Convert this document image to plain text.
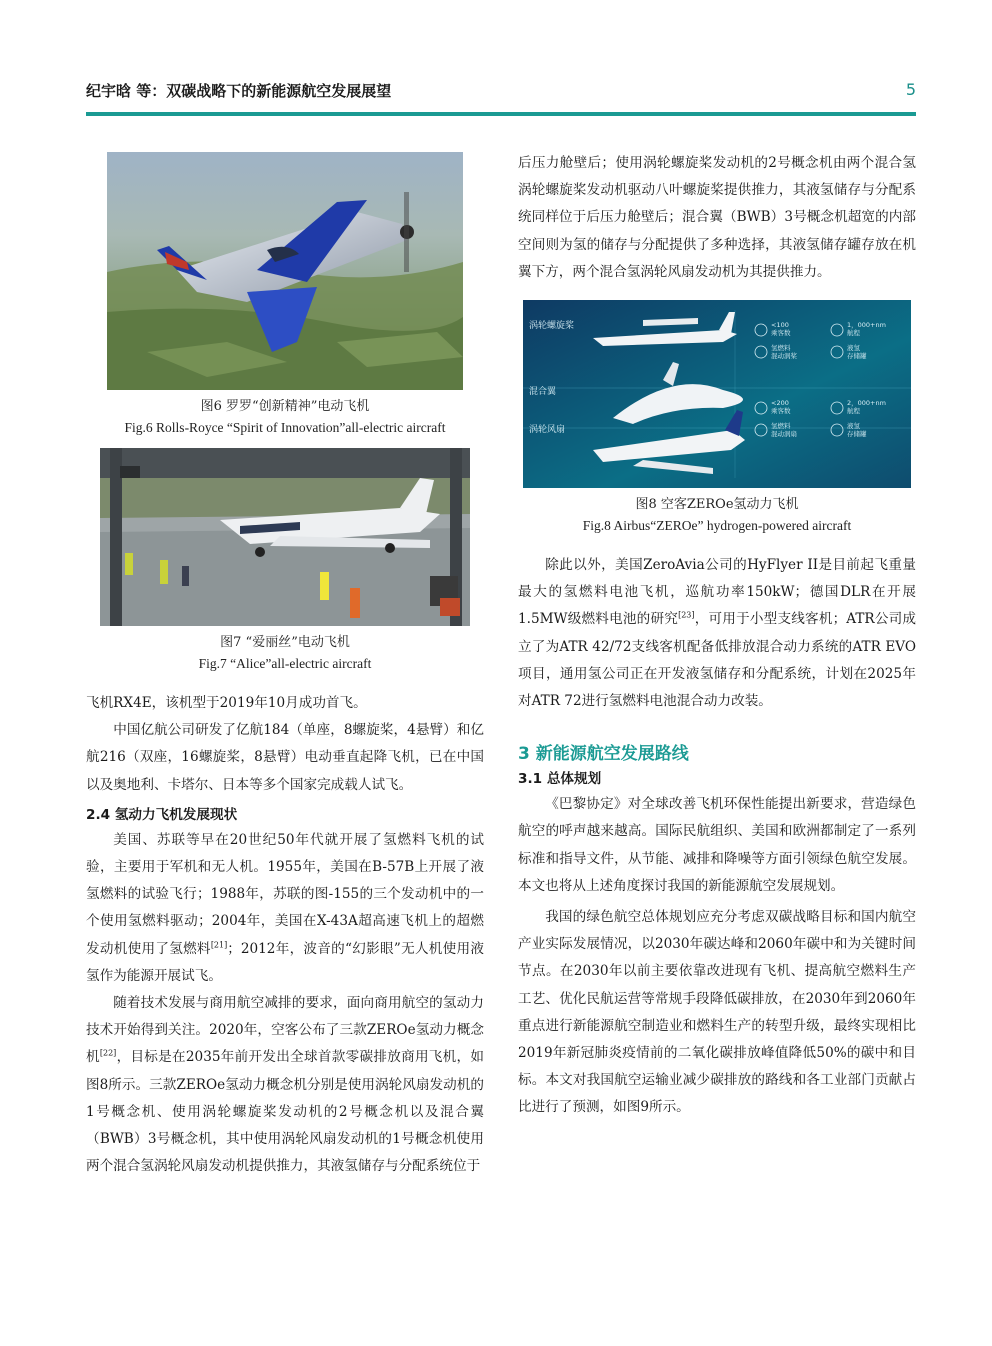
纪宇晗 等：双碳战略下的新能源航空发展展望	5
图6 罗罗“创新精神”电动飞机
Fig.6 Rolls-Royce “Spirit of Innovation”all-electric aircraft
图7 “爱丽丝”电动飞机
Fig.7 “Alice”all-electric aircraft

飞机RX4E，该机型于2019年10月成功首飞。

中国亿航公司研发了亿航184（单座，8螺旋桨，4悬臂）和亿航216（双座，16螺旋桨，8悬臂）电动垂直起降飞机，已在中国以及奥地利、卡塔尔、日本等多个国家完成载人试飞。

2.4 氢动力飞机发展现状

美国、苏联等早在20世纪50年代就开展了氢燃料飞机的试验，主要用于军机和无人机。1955年，美国在B-57B上开展了液氢燃料的试验飞行；1988年，苏联的图-155的三个发动机中的一个使用氢燃料驱动；2004年，美国在X-43A超高速飞机上的超燃发动机使用了氢燃料[21]；2012年，波音的“幻影眼”无人机使用液氢作为能源开展试飞。

随着技术发展与商用航空减排的要求，面向商用航空的氢动力技术开始得到关注。2020年，空客公布了三款ZEROe氢动力概念机[22]，目标是在2035年前开发出全球首款零碳排放商用飞机，如图8所示。三款ZEROe氢动力概念机分别是使用涡轮风扇发动机的1号概念机、使用涡轮螺旋桨发动机的2号概念机以及混合翼（BWB）3号概念机，其中使用涡轮风扇发动机的1号概念机使用两个混合氢涡轮风扇发动机提供推力，其液氢储存与分配系统位于

后压力舱壁后；使用涡轮螺旋桨发动机的2号概念机由两个混合氢涡轮螺旋桨发动机驱动八叶螺旋桨提供推力，其液氢储存与分配系统同样位于后压力舱壁后；混合翼（BWB）3号概念机超宽的内部空间则为氢的储存与分配提供了多种选择，其液氢储存罐存放在机翼下方，两个混合氢涡轮风扇发动机为其提供推力。

涡轮螺旋桨
混合翼
涡轮风扇
<100
乘客数
氢燃料
混动涡桨
1，000+nm
航程
液氢
存储罐
<200
乘客数
氢燃料
混动涡扇
2，000+nm
航程
液氢
存储罐
图8 空客ZEROe氢动力飞机
Fig.8 Airbus“ZEROe” hydrogen-powered aircraft

除此以外，美国ZeroAvia公司的HyFlyer II是目前起飞重量最大的氢燃料电池飞机，巡航功率150kW；德国DLR在开展1.5MW级燃料电池的研究[23]，可用于小型支线客机；ATR公司成立了为ATR 42/72支线客机配备低排放混合动力系统的ATR EVO项目，通用氢公司正在开发液氢储存和分配系统，计划在2025年对ATR 72进行氢燃料电池混合动力改装。

3 新能源航空发展路线
3.1 总体规划

《巴黎协定》对全球改善飞机环保性能提出新要求，营造绿色航空的呼声越来越高。国际民航组织、美国和欧洲都制定了一系列标准和指导文件，从节能、减排和降噪等方面引领绿色航空发展。本文也将从上述角度探讨我国的新能源航空发展规划。

我国的绿色航空总体规划应充分考虑双碳战略目标和国内航空产业实际发展情况，以2030年碳达峰和2060年碳中和为关键时间节点。在2030年以前主要依靠改进现有飞机、提高航空燃料生产工艺、优化民航运营等常规手段降低碳排放，在2030年到2060年重点进行新能源航空制造业和燃料生产的转型升级，最终实现相比2019年新冠肺炎疫情前的二氧化碳排放峰值降低50%的碳中和目标。本文对我国航空运输业减少碳排放的路线和各工业部门贡献占比进行了预测，如图9所示。
